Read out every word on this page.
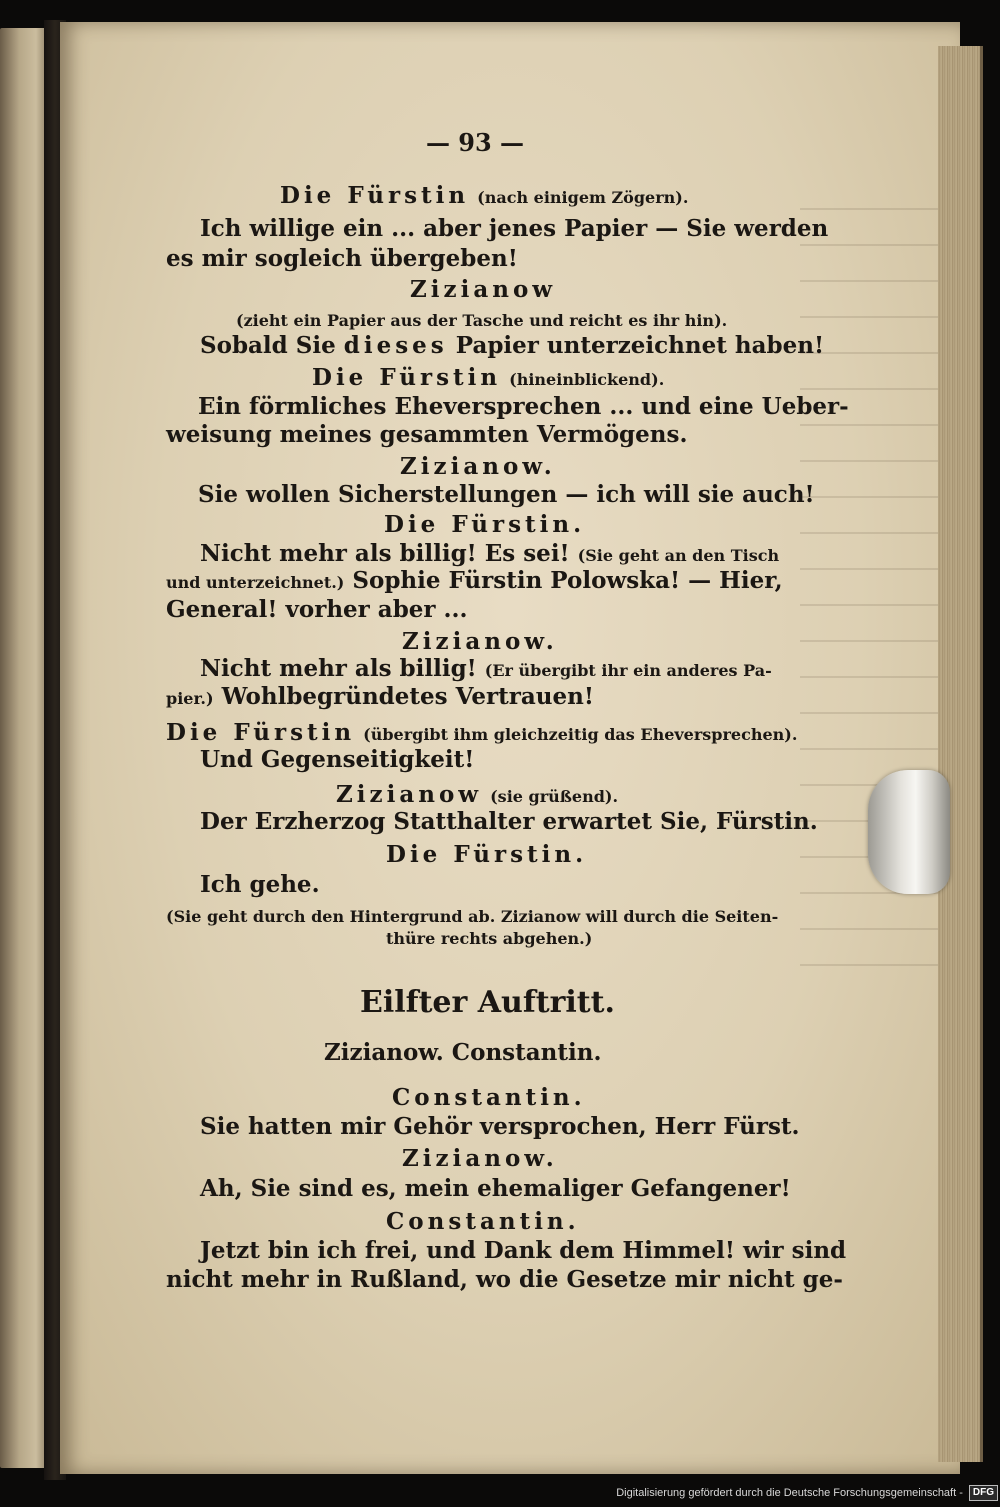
— 93 —
Die Fürstin (nach einigem Zögern).
Ich willige ein ... aber jenes Papier — Sie werden
es mir sogleich übergeben!
Zizianow
(zieht ein Papier aus der Tasche und reicht es ihr hin).
Sobald Sie dieses Papier unterzeichnet haben!
Die Fürstin (hineinblickend).
Ein förmliches Eheversprechen ... und eine Ueber-
weisung meines gesammten Vermögens.
Zizianow.
Sie wollen Sicherstellungen — ich will sie auch!
Die Fürstin.
Nicht mehr als billig! Es sei! (Sie geht an den Tisch
und unterzeichnet.) Sophie Fürstin Polowska! — Hier,
General! vorher aber ...
Zizianow.
Nicht mehr als billig! (Er übergibt ihr ein anderes Pa-
pier.) Wohlbegründetes Vertrauen!
Die Fürstin (übergibt ihm gleichzeitig das Eheversprechen).
Und Gegenseitigkeit!
Zizianow (sie grüßend).
Der Erzherzog Statthalter erwartet Sie, Fürstin.
Die Fürstin.
Ich gehe.
(Sie geht durch den Hintergrund ab. Zizianow will durch die Seiten-
thüre rechts abgehen.)
Eilfter Auftritt.
Zizianow. Constantin.
Constantin.
Sie hatten mir Gehör versprochen, Herr Fürst.
Zizianow.
Ah, Sie sind es, mein ehemaliger Gefangener!
Constantin.
Jetzt bin ich frei, und Dank dem Himmel! wir sind
nicht mehr in Rußland, wo die Gesetze mir nicht ge-
Digitalisierung gefördert durch die Deutsche Forschungsgemeinschaft -	DFG
